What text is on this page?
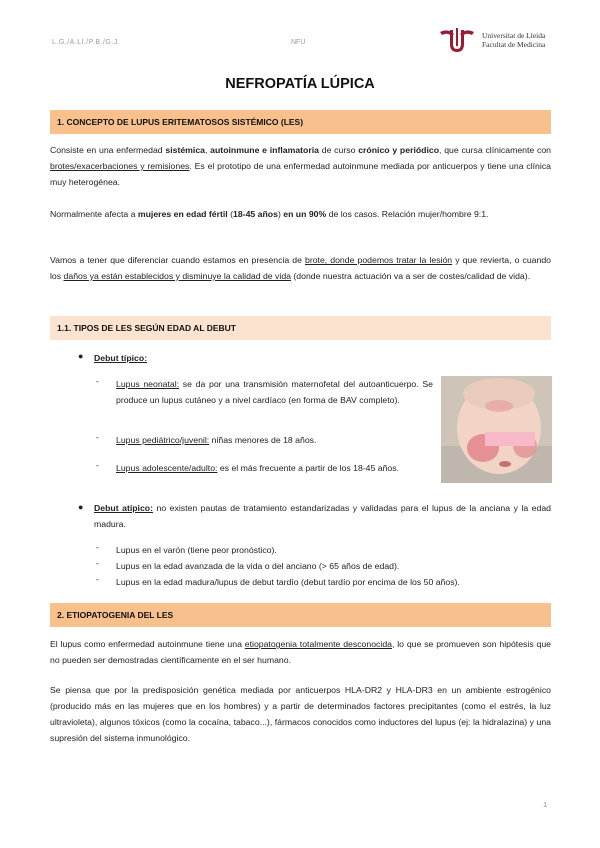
L.G./A.Ll./P.B./G.J.	NFU
Universitat de Lleida
Facultat de Medicina
NEFROPATÍA LÚPICA
1. CONCEPTO DE LUPUS ERITEMATOSOS SISTÉMICO (LES)

Consiste en una enfermedad sistémica, autoinmune e inflamatoria de curso crónico y periódico, que cursa clínicamente con brotes/exacerbaciones y remisiones. Es el prototipo de una enfermedad autoinmune mediada por anticuerpos y tiene una clínica muy heterogénea.

Normalmente afecta a mujeres en edad fértil (18-45 años) en un 90% de los casos. Relación mujer/hombre 9:1.

Vamos a tener que diferenciar cuando estamos en presencia de brote, donde podemos tratar la lesión y que revierta, o cuando los daños ya están establecidos y disminuye la calidad de vida (donde nuestra actuación va a ser de costes/calidad de vida).

1.1. TIPOS DE LES SEGÚN EDAD AL DEBUT
● Debut típico:

- Lupus neonatal: se da por una transmisión maternofetal del autoanticuerpo. Se produce un lupus cutáneo y a nivel cardíaco (en forma de BAV completo).

- Lupus pediátrico/juvenil: niñas menores de 18 años.

- Lupus adolescente/adulto: es el más frecuente a partir de los 18-45 años.

● Debut atípico: no existen pautas de tratamiento estandarizadas y validadas para el lupus de la anciana y la edad madura.

- Lupus en el varón (tiene peor pronóstico).

- Lupus en la edad avanzada de la vida o del anciano (> 65 años de edad).

- Lupus en la edad madura/lupus de debut tardío (debut tardío por encima de los 50 años).

2. ETIOPATOGENIA DEL LES

El lupus como enfermedad autoinmune tiene una etiopatogenia totalmente desconocida, lo que se promueven son hipótesis que no pueden ser demostradas científicamente en el ser humano.

Se piensa que por la predisposición genética mediada por anticuerpos HLA-DR2 y HLA-DR3 en un ambiente estrogénico (producido más en las mujeres que en los hombres) y a partir de determinados factores precipitantes (como el estrés, la luz ultravioleta), algunos tóxicos (como la cocaína, tabaco...), fármacos conocidos como inductores del lupus (ej: la hidralazina) y una supresión del sistema inmunológico.

1
